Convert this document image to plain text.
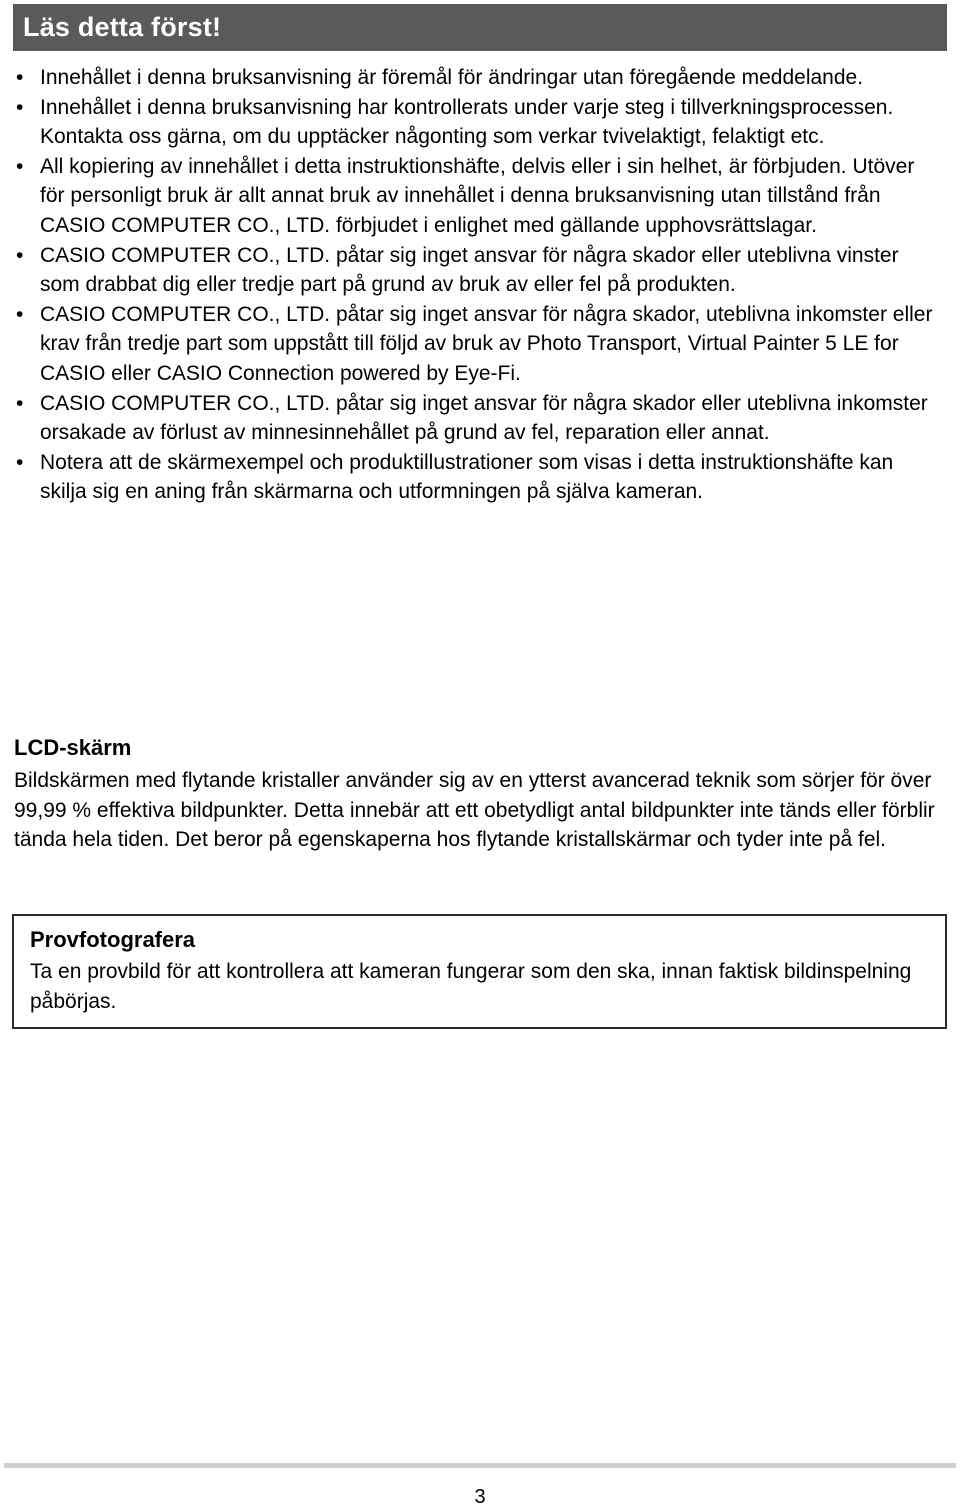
Läs detta först!
• Innehållet i denna bruksanvisning är föremål för ändringar utan föregående meddelande.
• Innehållet i denna bruksanvisning har kontrollerats under varje steg i tillverkningsprocessen. Kontakta oss gärna, om du upptäcker någonting som verkar tvivelaktigt, felaktigt etc.
• All kopiering av innehållet i detta instruktionshäfte, delvis eller i sin helhet, är förbjuden. Utöver för personligt bruk är allt annat bruk av innehållet i denna bruksanvisning utan tillstånd från CASIO COMPUTER CO., LTD. förbjudet i enlighet med gällande upphovsrättslagar.
• CASIO COMPUTER CO., LTD. påtar sig inget ansvar för några skador eller uteblivna vinster som drabbat dig eller tredje part på grund av bruk av eller fel på produkten.
• CASIO COMPUTER CO., LTD. påtar sig inget ansvar för några skador, uteblivna inkomster eller krav från tredje part som uppstått till följd av bruk av Photo Transport, Virtual Painter 5 LE for CASIO eller CASIO Connection powered by Eye-Fi.
• CASIO COMPUTER CO., LTD. påtar sig inget ansvar för några skador eller uteblivna inkomster orsakade av förlust av minnesinnehållet på grund av fel, reparation eller annat.
• Notera att de skärmexempel och produktillustrationer som visas i detta instruktionshäfte kan skilja sig en aning från skärmarna och utformningen på själva kameran.
LCD-skärm
Bildskärmen med flytande kristaller använder sig av en ytterst avancerad teknik som sörjer för över 99,99 % effektiva bildpunkter. Detta innebär att ett obetydligt antal bildpunkter inte tänds eller förblir tända hela tiden. Det beror på egenskaperna hos flytande kristallskärmar och tyder inte på fel.
Provfotografera
Ta en provbild för att kontrollera att kameran fungerar som den ska, innan faktisk bildinspelning påbörjas.
3
